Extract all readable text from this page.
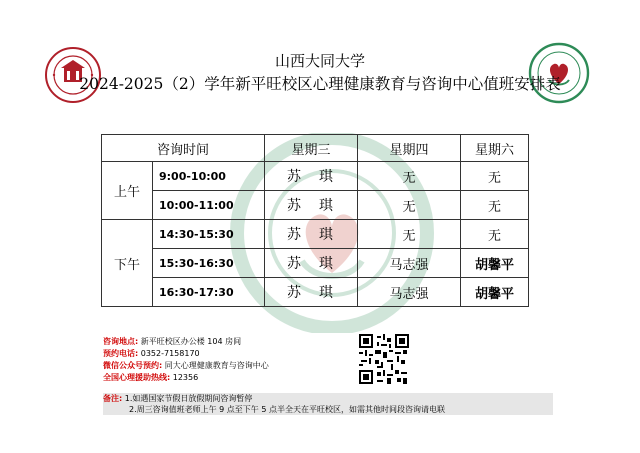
山西大同大学
2024-2025（2）学年新平旺校区心理健康教育与咨询中心值班安排表
咨询时间		星期三	星期四	星期六
上午	9:00-10:00	苏　琪	无	无
	10:00-11:00	苏　琪	无	无
下午	14:30-15:30	苏　琪	无	无
	15:30-16:30	苏　琪	马志强	胡馨平
	16:30-17:30	苏　琪	马志强	胡馨平
咨询地点: 新平旺校区办公楼 104 房间
预约电话: 0352-7158170
微信公众号预约: 同大心理健康教育与咨询中心
全国心理援助热线: 12356
备注: 1.如遇国家节假日放假期间咨询暂停
2.周三咨询值班老师上午 9 点至下午 5 点半全天在平旺校区，如需其他时间段咨询请电联
